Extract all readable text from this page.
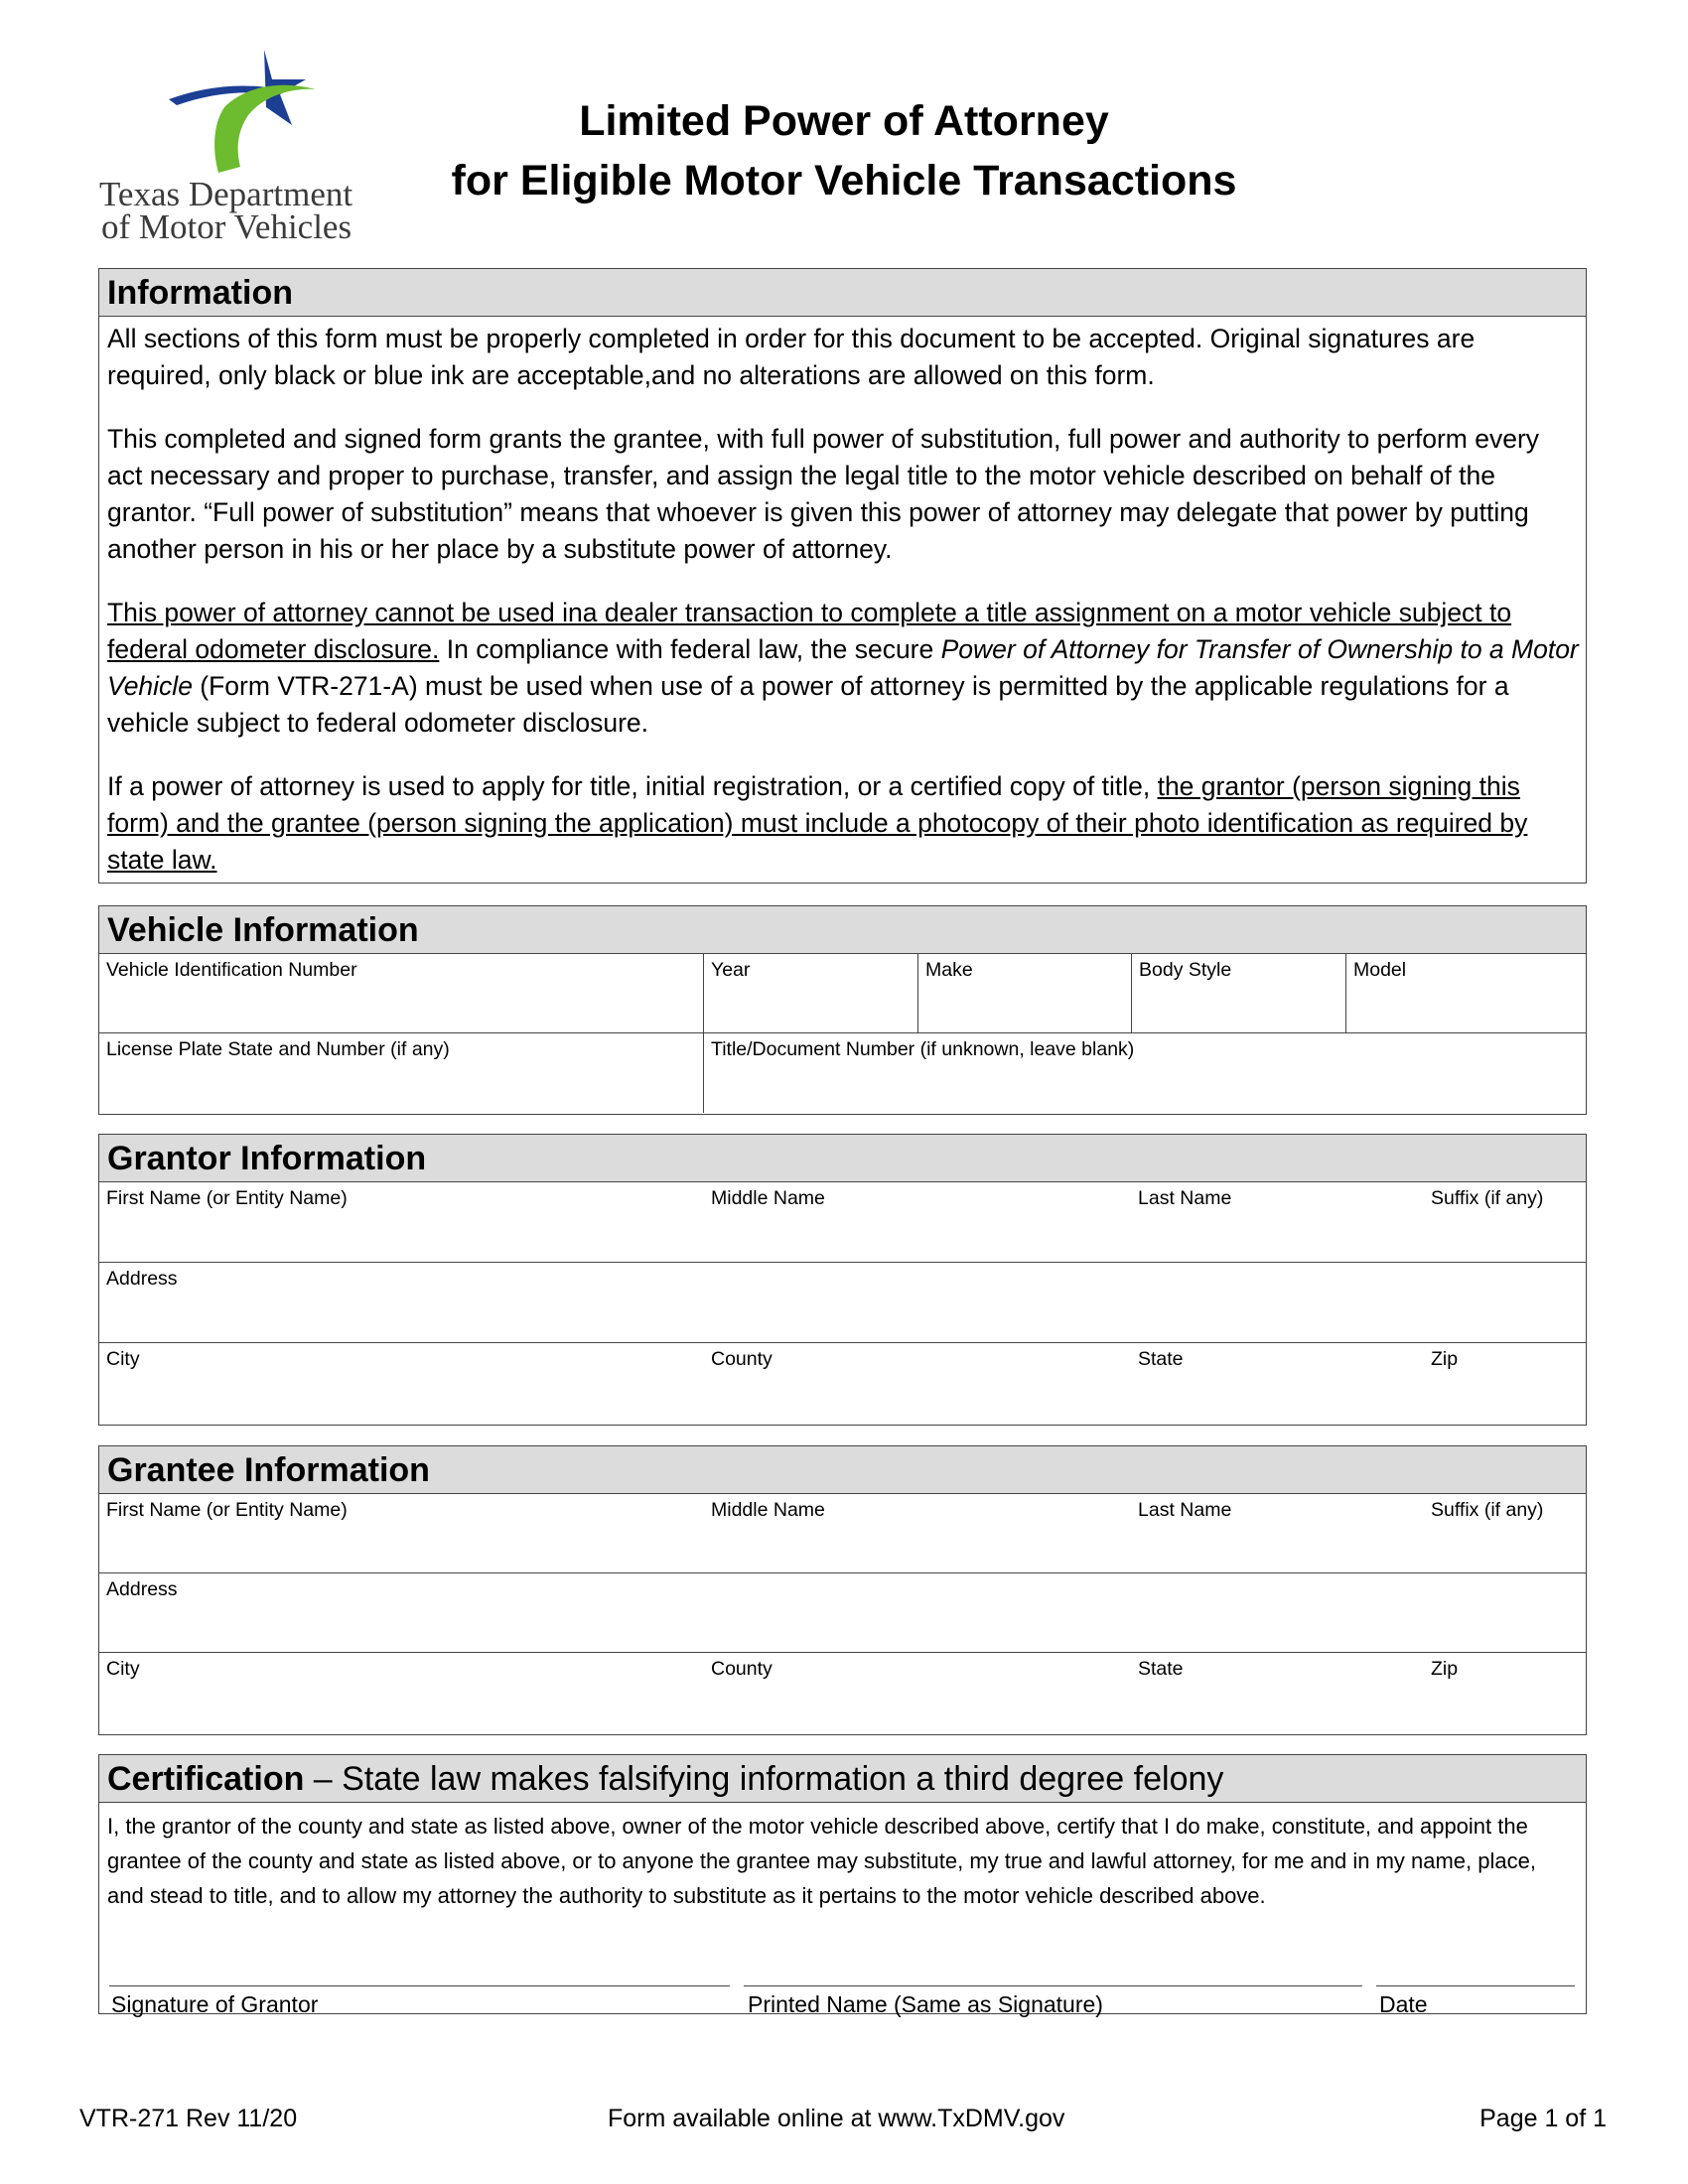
Texas Department
of Motor Vehicles
Limited Power of Attorney
for Eligible Motor Vehicle Transactions
Information

All sections of this form must be properly completed in order for this document to be accepted. Original signatures are required, only black or blue ink are acceptable,and no alterations are allowed on this form.

This completed and signed form grants the grantee, with full power of substitution, full power and authority to perform every act necessary and proper to purchase, transfer, and assign the legal title to the motor vehicle described on behalf of the grantor. “Full power of substitution” means that whoever is given this power of attorney may delegate that power by putting another person in his or her place by a substitute power of attorney.

This power of attorney cannot be used ina dealer transaction to complete a title assignment on a motor vehicle subject to federal odometer disclosure. In compliance with federal law, the secure Power of Attorney for Transfer of Ownership to a Motor Vehicle (Form VTR-271-A) must be used when use of a power of attorney is permitted by the applicable regulations for a vehicle subject to federal odometer disclosure.

If a power of attorney is used to apply for title, initial registration, or a certified copy of title, the grantor (person signing this form) and the grantee (person signing the application) must include a photocopy of their photo identification as required by state law.

Vehicle Information
Vehicle Identification Number	Year	Make	Body Style	Model
License Plate State and Number (if any)	Title/Document Number (if unknown, leave blank)
Grantor Information
First Name (or Entity Name)	Middle Name	Last Name	Suffix (if any)
Address
City	County	State	Zip
Grantee Information
First Name (or Entity Name)	Middle Name	Last Name	Suffix (if any)
Address
City	County	State	Zip
Certification – State law makes falsifying information a third degree felony
I, the grantor of the county and state as listed above, owner of the motor vehicle described above, certify that I do make, constitute, and appoint the grantee of the county and state as listed above, or to anyone the grantee may substitute, my true and lawful attorney, for me and in my name, place, and stead to title, and to allow my attorney the authority to substitute as it pertains to the motor vehicle described above.
Signature of Grantor	Printed Name (Same as Signature)	Date
VTR-271 Rev 11/20	Form available online at www.TxDMV.gov	Page 1 of 1
